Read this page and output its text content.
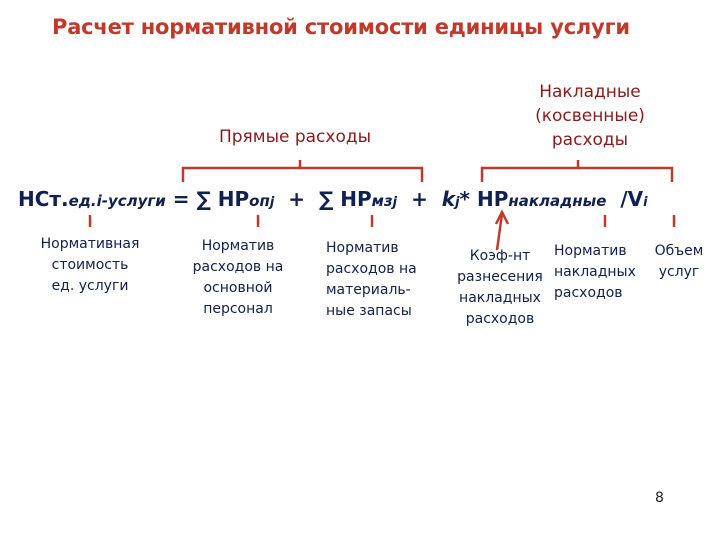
Расчет нормативной стоимости единицы услуги
Прямые расходы
Накладные
(косвенные)
расходы
НСт.ед.i-услуги = ∑ НРопj + ∑ НРмзj + kj* НРнакладные /Vi
Нормативная
стоимость
ед. услуги
Норматив
расходов на
основной
персонал
Норматив
расходов на
материаль-
ные запасы
Коэф-нт
разнесения
накладных
расходов
Норматив
накладных
расходов
Объем
услуг
8
